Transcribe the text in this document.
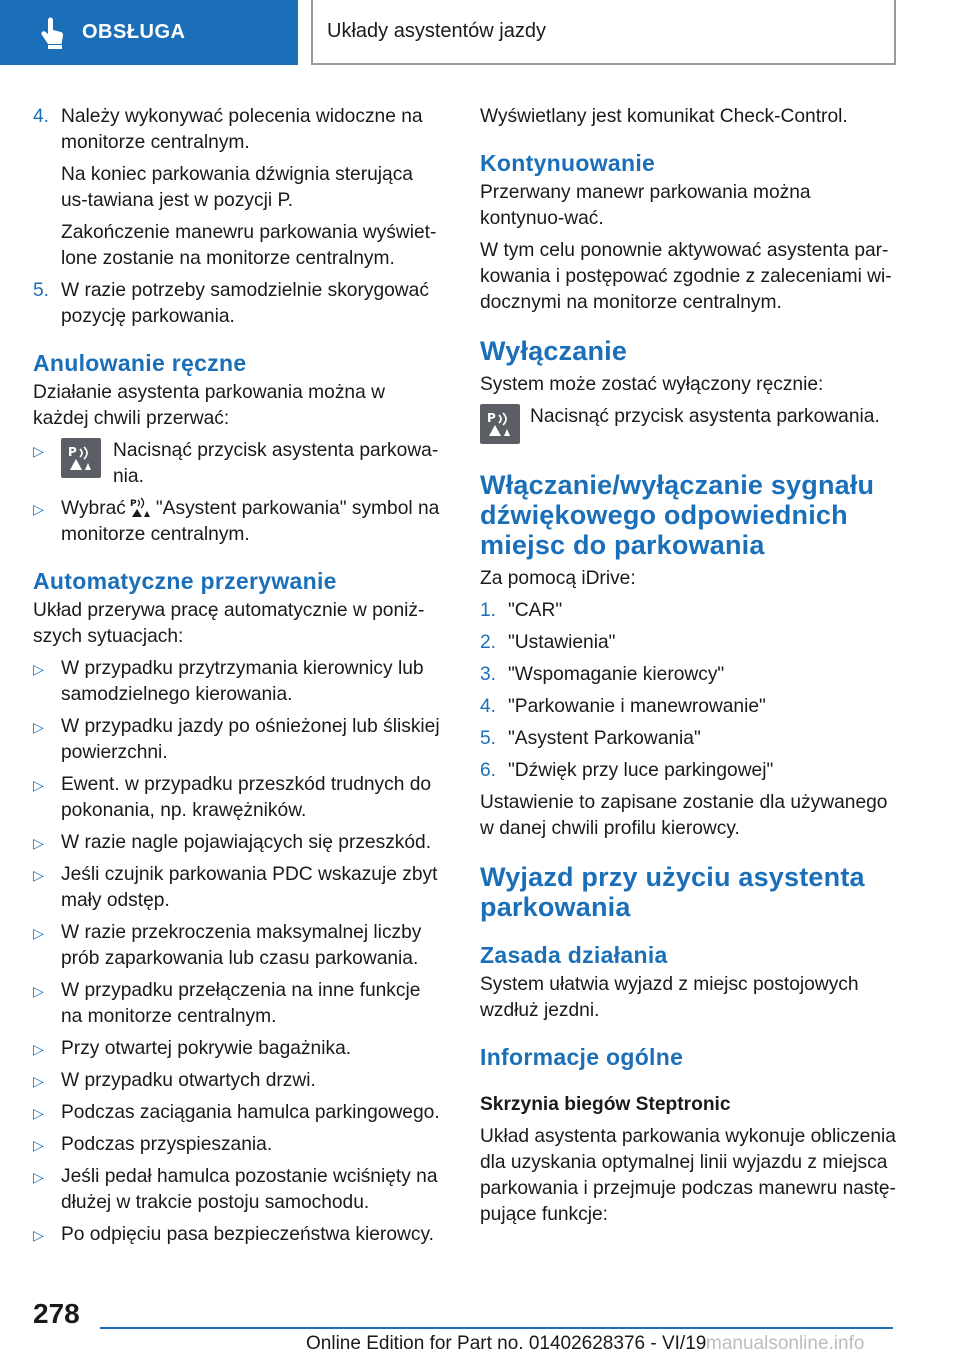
OBSŁUGA	Układy asystentów jazdy
4. Należy wykonywać polecenia widoczne na monitorze centralnym.
Na koniec parkowania dźwignia sterująca us-tawiana jest w pozycji P.
Zakończenie manewru parkowania wyświet-lone zostanie na monitorze centralnym.
5. W razie potrzeby samodzielnie skorygować pozycję parkowania.
Anulowanie ręczne

Działanie asystenta parkowania można w każdej chwili przerwać:

▷ P Nacisnąć przycisk asystenta parkowa-nia.
▷ Wybrać P "Asystent parkowania" symbol na monitorze centralnym.
Automatyczne przerywanie

Układ przerywa pracę automatycznie w poniż-szych sytuacjach:

▷ W przypadku przytrzymania kierownicy lub samodzielnego kierowania.
▷ W przypadku jazdy po ośnieżonej lub śliskiej powierzchni.
▷ Ewent. w przypadku przeszkód trudnych do pokonania, np. krawężników.
▷ W razie nagle pojawiających się przeszkód.
▷ Jeśli czujnik parkowania PDC wskazuje zbyt mały odstęp.
▷ W razie przekroczenia maksymalnej liczby prób zaparkowania lub czasu parkowania.
▷ W przypadku przełączenia na inne funkcje na monitorze centralnym.
▷ Przy otwartej pokrywie bagażnika.
▷ W przypadku otwartych drzwi.
▷ Podczas zaciągania hamulca parkingowego.
▷ Podczas przyspieszania.
▷ Jeśli pedał hamulca pozostanie wciśnięty na dłużej w trakcie postoju samochodu.
▷ Po odpięciu pasa bezpieczeństwa kierowcy.

Wyświetlany jest komunikat Check-Control.

Kontynuowanie

Przerwany manewr parkowania można kontynuo-wać.

W tym celu ponownie aktywować asystenta par-kowania i postępować zgodnie z zaleceniami wi-docznymi na monitorze centralnym.

Wyłączanie

System może zostać wyłączony ręcznie:

P Nacisnąć przycisk asystenta parkowania.
Włączanie/wyłączanie sygnału dźwiękowego odpowiednich miejsc do parkowania

Za pomocą iDrive:

1. "CAR"
2. "Ustawienia"
3. "Wspomaganie kierowcy"
4. "Parkowanie i manewrowanie"
5. "Asystent Parkowania"
6. "Dźwięk przy luce parkingowej"

Ustawienie to zapisane zostanie dla używanego w danej chwili profilu kierowcy.

Wyjazd przy użyciu asystenta parkowania
Zasada działania

System ułatwia wyjazd z miejsc postojowych wzdłuż jezdni.

Informacje ogólne
Skrzynia biegów Steptronic

Układ asystenta parkowania wykonuje obliczenia dla uzyskania optymalnej linii wyjazdu z miejsca parkowania i przejmuje podczas manewru nastę-pujące funkcje:

278
Online Edition for Part no. 01402628376 - VI/19 manualsonline.info
